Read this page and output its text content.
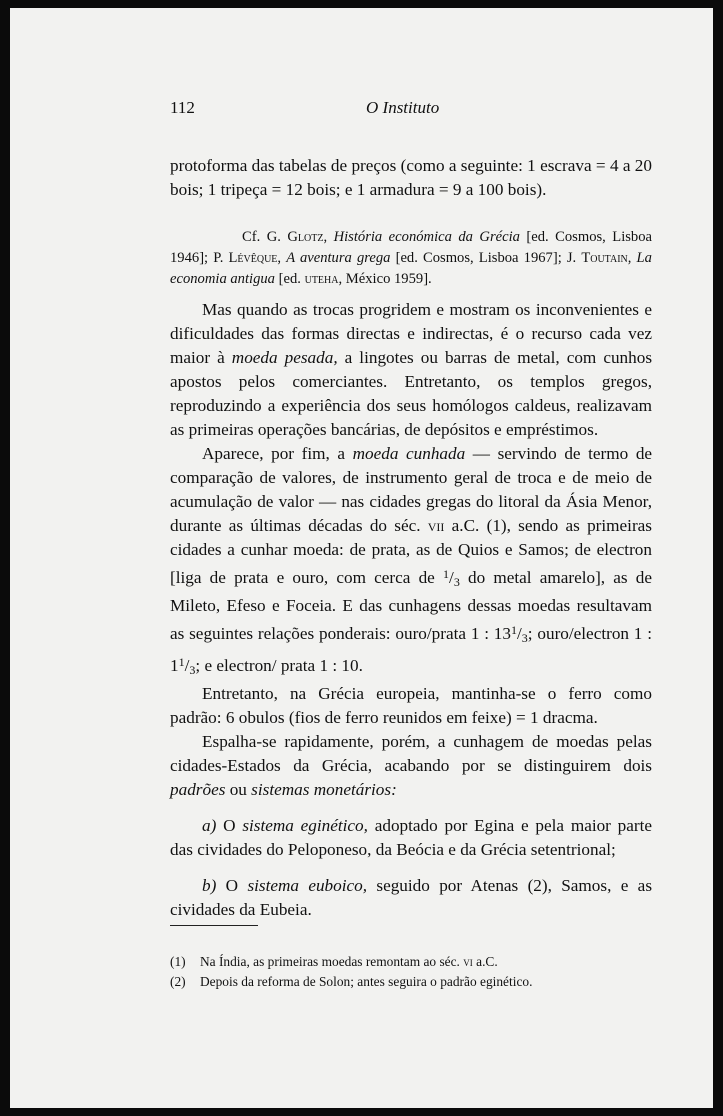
112	O Instituto

protoforma das tabelas de preços (como a seguinte: 1 escrava = 4 a 20 bois; 1 tripeça = 12 bois; e 1 armadura = 9 a 100 bois).

Cf. G. Glotz, História económica da Grécia [ed. Cosmos, Lisboa 1946]; P. Lévêque, A aventura grega [ed. Cosmos, Lisboa 1967]; J. Toutain, La economia antigua [ed. uteha, México 1959].

Mas quando as trocas progridem e mostram os inconvenientes e dificuldades das formas directas e indirectas, é o recurso cada vez maior à moeda pesada, a lingotes ou barras de metal, com cunhos apostos pelos comerciantes. Entretanto, os templos gregos, reproduzindo a experiência dos seus homólogos caldeus, realizavam as primeiras operações bancárias, de depósitos e empréstimos.

Aparece, por fim, a moeda cunhada — servindo de termo de comparação de valores, de instrumento geral de troca e de meio de acumulação de valor — nas cidades gregas do litoral da Ásia Menor, durante as últimas décadas do séc. vii a.C. (1), sendo as primeiras cidades a cunhar moeda: de prata, as de Quios e Samos; de electron [liga de prata e ouro, com cerca de $^1/_3$ do metal amarelo], as de Mileto, Efeso e Foceia. E das cunhagens dessas moedas resultavam as seguintes relações ponderais: ouro/prata 1 : $13^1/_3$; ouro/electron 1 : $1^1/_3$; e electron/ prata 1 : 10.

Entretanto, na Grécia europeia, mantinha-se o ferro como padrão: 6 obulos (fios de ferro reunidos em feixe) = 1 dracma.

Espalha-se rapidamente, porém, a cunhagem de moedas pelas cidades-Estados da Grécia, acabando por se distinguirem dois padrões ou sistemas monetários:

a) O sistema eginético, adoptado por Egina e pela maior parte das cividades do Peloponeso, da Beócia e da Grécia setentrional;

b) O sistema euboico, seguido por Atenas (2), Samos, e as cividades da Eubeia.

(1) Na Índia, as primeiras moedas remontam ao séc. vi a.C.

(2) Depois da reforma de Solon; antes seguira o padrão eginético.
